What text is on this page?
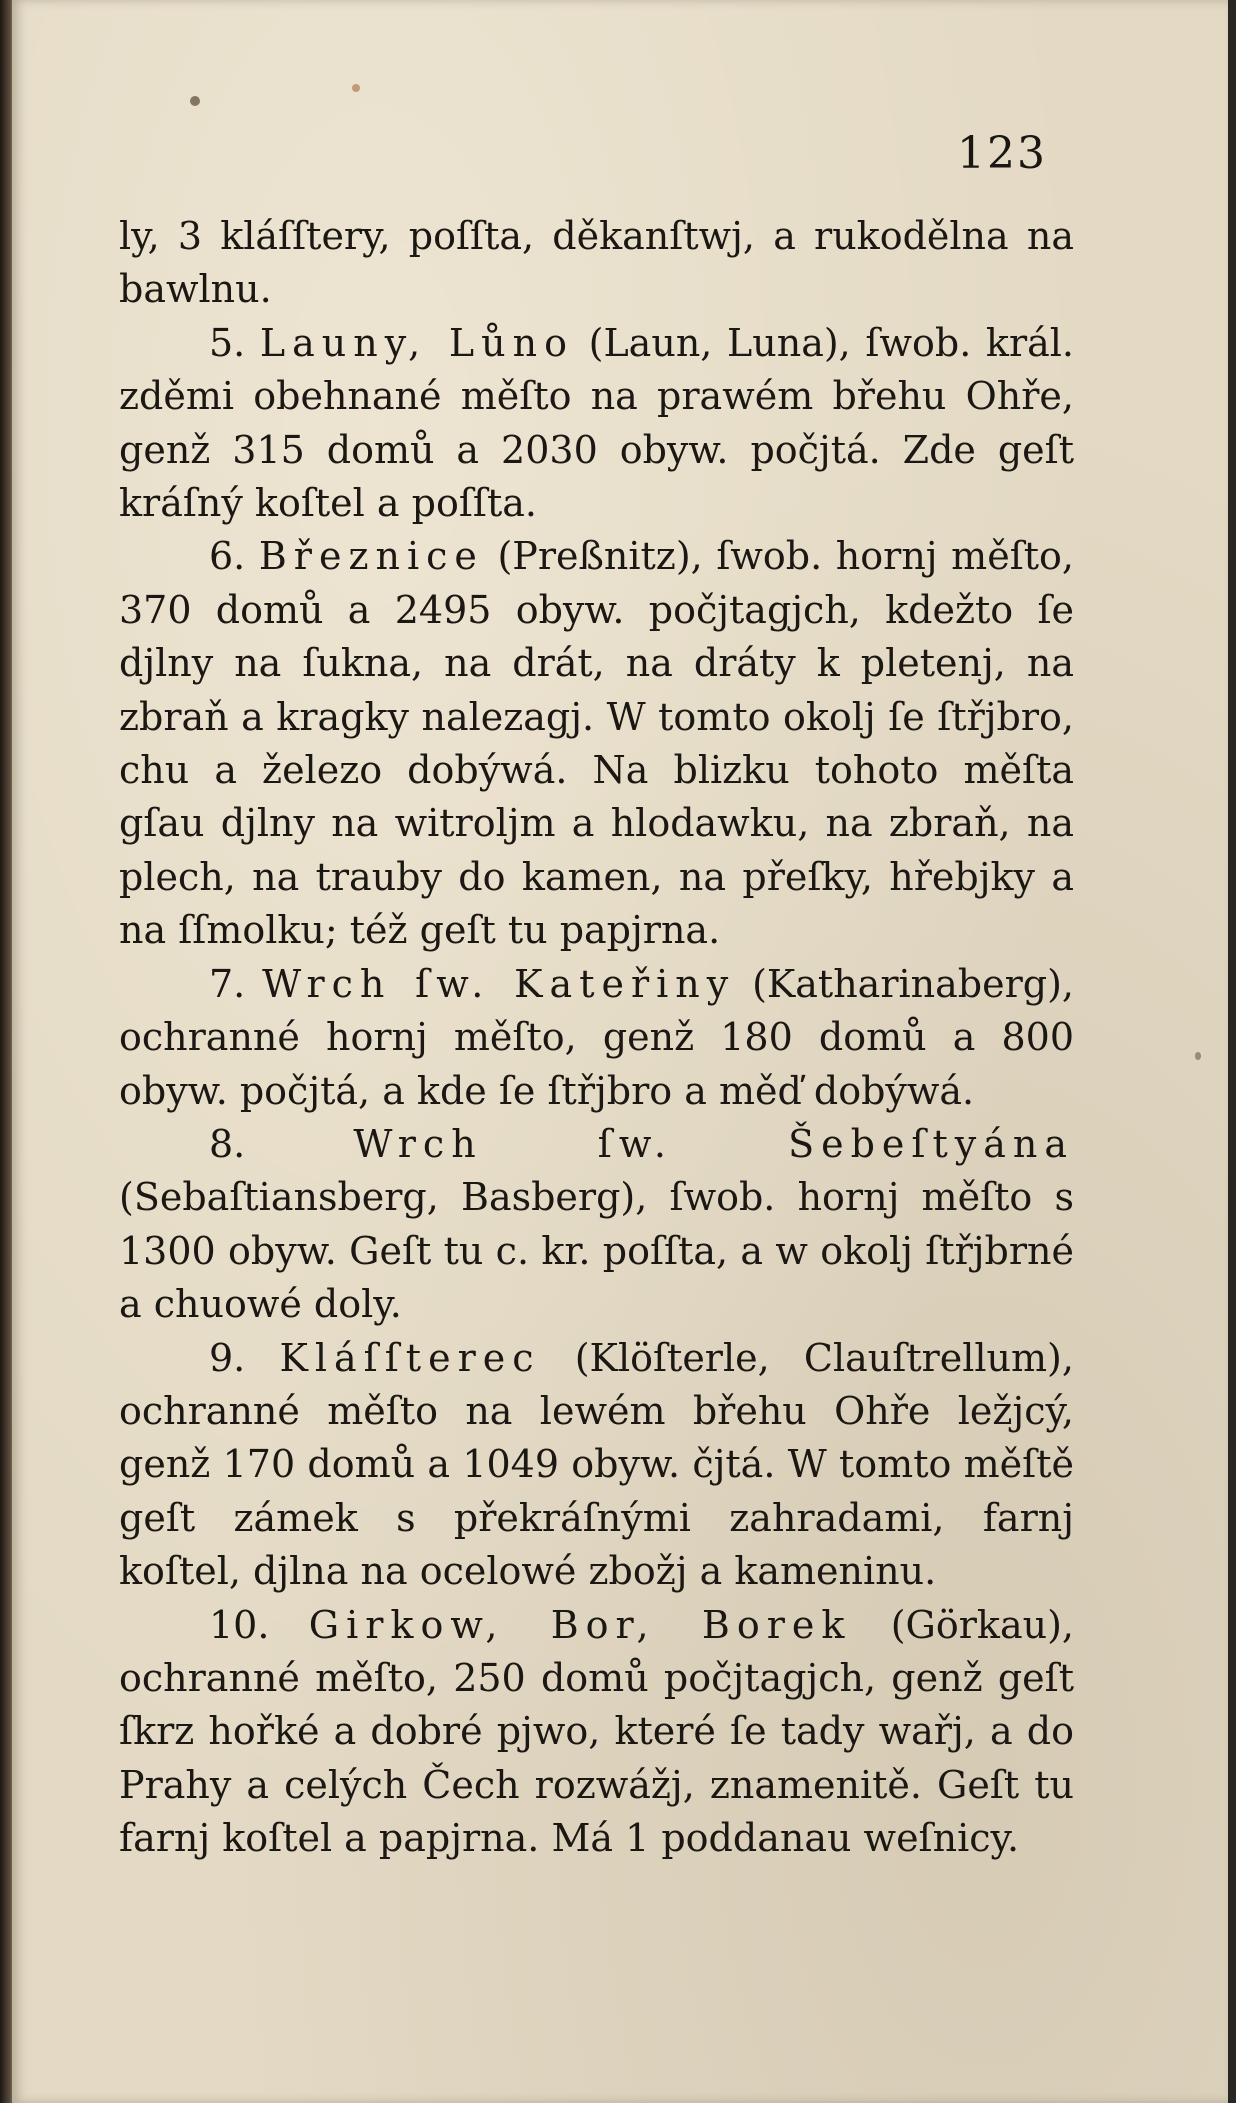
123

ly, 3 kláſſtery, poſſta, děkanſtwj, a rukodělna na bawlnu.

5. Launy, Lůno (Laun, Luna), ſwob. král. zděmi obehnané měſto na prawém břehu Ohře, genž 315 domů a 2030 obyw. počjtá. Zde geſt kráſný koſtel a poſſta.

6. Březnice (Preßnitz), ſwob. hornj měſto, 370 domů a 2495 obyw. počjtagjch, kdežto ſe djlny na ſukna, na drát, na dráty k pletenj, na zbraň a kragky nalezagj. W tomto okolj ſe ſtřjbro, chu a železo dobýwá. Na blizku tohoto měſta gſau djlny na witroljm a hlodawku, na zbraň, na plech, na trauby do kamen, na přeſky, hřebjky a na ſſmolku; též geſt tu papjrna.

7. Wrch ſw. Kateřiny (Katharinaberg), ochranné hornj měſto, genž 180 domů a 800 obyw. počjtá, a kde ſe ſtřjbro a měď dobýwá.

8.	Wrch ſw. Šebeſtyána (Sebaſtiansberg, Basberg), ſwob. hornj měſto s 1300 obyw. Geſt tu c. kr. poſſta, a w okolj ſtřjbrné a chuowé doly.

9. Kláſſterec (Klöſterle, Clauſtrellum), ochranné měſto na lewém břehu Ohře ležjcý, genž 170 domů a 1049 obyw. čjtá. W tomto měſtě geſt zámek s překráſnými zahradami, farnj koſtel, djlna na ocelowé zbožj a kameninu.

10. Girkow, Bor, Borek (Görkau), ochranné měſto, 250 domů počjtagjch, genž geſt ſkrz hořké a dobré pjwo, které ſe tady wařj, a do Prahy a celých Čech rozwážj, znamenitě. Geſt tu farnj koſtel a papjrna. Má 1 poddanau weſnicy.
